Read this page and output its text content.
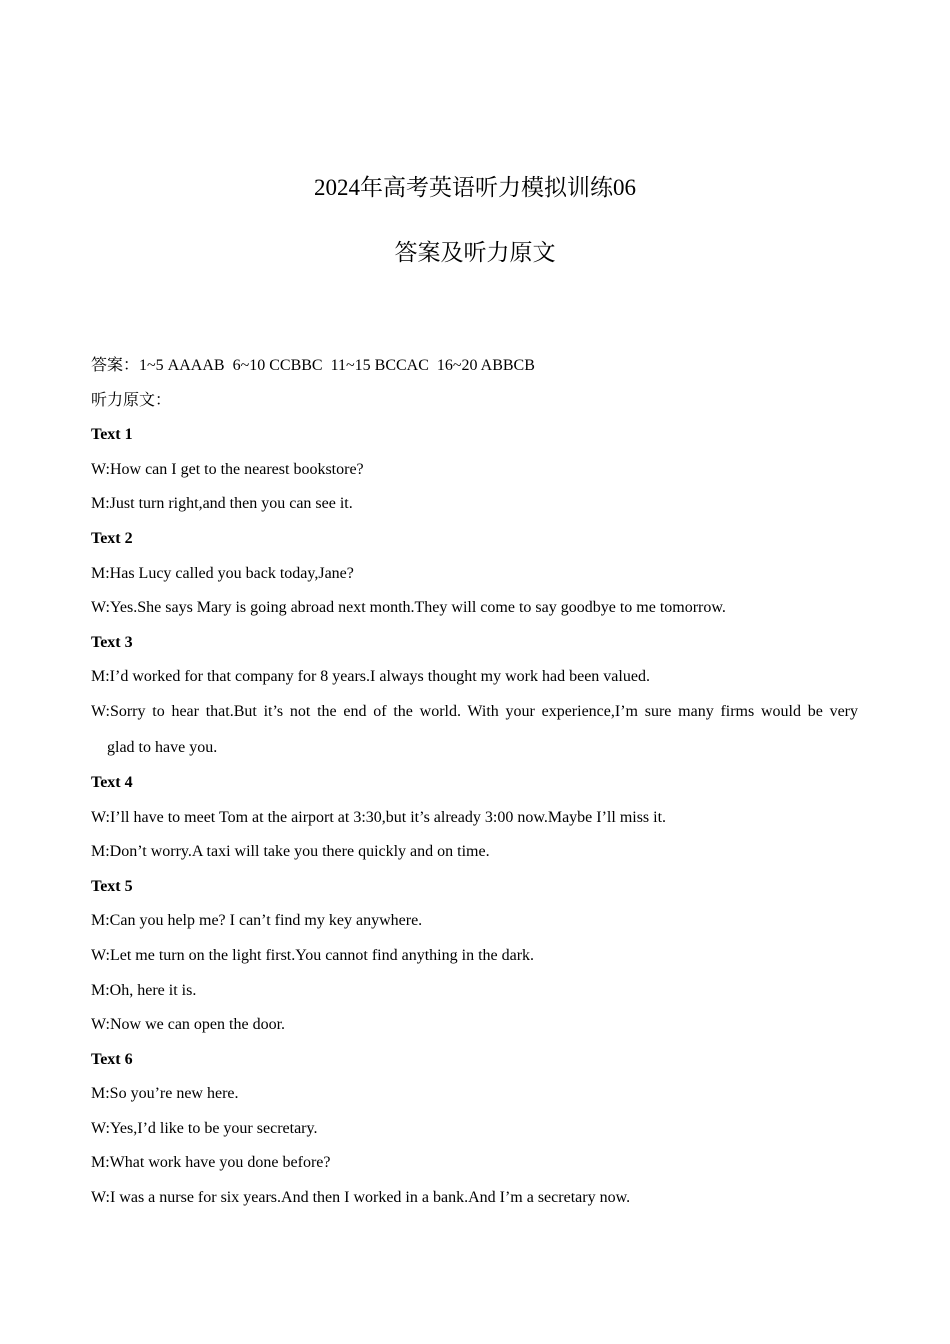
2024年高考英语听力模拟训练06
答案及听力原文
答案：1~5 AAAAB  6~10 CCBBC  11~15 BCCAC  16~20 ABBCB
听力原文：
Text 1
W:How can I get to the nearest bookstore?
M:Just turn right,and then you can see it.
Text 2
M:Has Lucy called you back today,Jane?
W:Yes.She says Mary is going abroad next month.They will come to say goodbye to me tomorrow.
Text 3
M:I’d worked for that company for 8 years.I always thought my work had been valued.
W:Sorry to hear that.But it’s not the end of the world. With your experience,I’m sure many firms would be very
glad to have you.
Text 4
W:I’ll have to meet Tom at the airport at 3:30,but it’s already 3:00 now.Maybe I’ll miss it.
M:Don’t worry.A taxi will take you there quickly and on time.
Text 5
M:Can you help me? I can’t find my key anywhere.
W:Let me turn on the light first.You cannot find anything in the dark.
M:Oh, here it is.
W:Now we can open the door.
Text 6
M:So you’re new here.
W:Yes,I’d like to be your secretary.
M:What work have you done before?
W:I was a nurse for six years.And then I worked in a bank.And I’m a secretary now.
